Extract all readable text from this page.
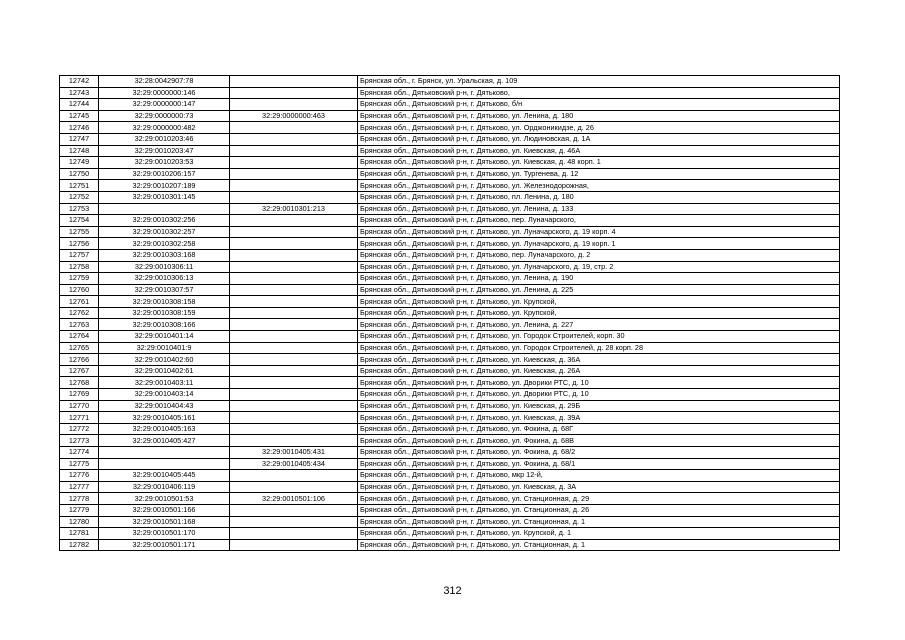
12742	32:28:0042907:78		Брянская обл., г. Брянск, ул. Уральская, д. 109
12743	32:29:0000000:146		Брянская обл., Дятьковский р-н, г. Дятьково,
12744	32:29:0000000:147		Брянская обл., Дятьковский р-н, г. Дятьково, б/н
12745	32:29:0000000:73	32:29:0000000:463	Брянская обл., Дятьковский р-н, г. Дятьково, ул. Ленина, д. 180
12746	32:29:0000000:482		Брянская обл., Дятьковский р-н, г. Дятьково, ул. Орджоникидзе, д. 26
12747	32:29:0010203:46		Брянская обл., Дятьковский р-н, г. Дятьково, ул. Людиновская, д. 1А
12748	32:29:0010203:47		Брянская обл., Дятьковский р-н, г. Дятьково, ул. Киевская, д. 46А
12749	32:29:0010203:53		Брянская обл., Дятьковский р-н, г. Дятьково, ул. Киевская, д. 48 корп. 1
12750	32:29:0010206:157		Брянская обл., Дятьковский р-н, г. Дятьково, ул. Тургенева, д. 12
12751	32:29:0010207:189		Брянская обл., Дятьковский р-н, г. Дятьково, ул. Железнодорожная,
12752	32:29:0010301:145		Брянская обл., Дятьковский р-н, г. Дятьково, пл. Ленина, д. 180
12753		32:29:0010301:213	Брянская обл., Дятьковский р-н, г. Дятьково, ул. Ленина, д. 133
12754	32:29:0010302:256		Брянская обл., Дятьковский р-н, г. Дятьково, пер. Луначарского,
12755	32:29:0010302:257		Брянская обл., Дятьковский р-н, г. Дятьково, ул. Луначарского, д. 19 корп. 4
12756	32:29:0010302:258		Брянская обл., Дятьковский р-н, г. Дятьково, ул. Луначарского, д. 19 корп. 1
12757	32:29:0010303:168		Брянская обл., Дятьковский р-н, г. Дятьково, пер. Луначарского, д. 2
12758	32:29:0010306:11		Брянская обл., Дятьковский р-н, г. Дятьково, ул. Луначарского, д. 19, стр. 2
12759	32:29:0010306:13		Брянская обл., Дятьковский р-н, г. Дятьково, ул. Ленина, д. 190
12760	32:29:0010307:57		Брянская обл., Дятьковский р-н, г. Дятьково, ул. Ленина, д. 225
12761	32:29:0010308:158		Брянская обл., Дятьковский р-н, г. Дятьково, ул. Крупской,
12762	32:29:0010308:159		Брянская обл., Дятьковский р-н, г. Дятьково, ул. Крупской,
12763	32:29:0010308:166		Брянская обл., Дятьковский р-н, г. Дятьково, ул. Ленина, д. 227
12764	32:29:0010401:14		Брянская обл., Дятьковский р-н, г. Дятьково, ул. Городок Строителей, корп. 30
12765	32:29:0010401:9		Брянская обл., Дятьковский р-н, г. Дятьково, ул. Городок Строителей, д. 28 корп. 28
12766	32:29:0010402:60		Брянская обл., Дятьковский р-н, г. Дятьково, ул. Киевская, д. 36А
12767	32:29:0010402:61		Брянская обл., Дятьковский р-н, г. Дятьково, ул. Киевская, д. 26А
12768	32:29:0010403:11		Брянская обл., Дятьковский р-н, г. Дятьково, ул. Дворики РТС, д. 10
12769	32:29:0010403:14		Брянская обл., Дятьковский р-н, г. Дятьково, ул. Дворики РТС, д. 10
12770	32:29:0010404:43		Брянская обл., Дятьковский р-н, г. Дятьково, ул. Киевская, д. 29Б
12771	32:29:0010405:161		Брянская обл., Дятьковский р-н, г. Дятьково, ул. Киевская, д. 39А
12772	32:29:0010405:163		Брянская обл., Дятьковский р-н, г. Дятьково, ул. Фокина, д. 68Г
12773	32:29:0010405:427		Брянская обл., Дятьковский р-н, г. Дятьково, ул. Фокина, д. 68В
12774		32:29:0010405:431	Брянская обл., Дятьковский р-н, г. Дятьково, ул. Фокина, д. 68/2
12775		32:29:0010405:434	Брянская обл., Дятьковский р-н, г. Дятьково, ул. Фокина, д. 68/1
12776	32:29:0010405:445		Брянская обл., Дятьковский р-н, г. Дятьково, мкр 12-й,
12777	32:29:0010406:119		Брянская обл., Дятьковский р-н, г. Дятьково, ул. Киевская, д. 3А
12778	32:29:0010501:53	32:29:0010501:106	Брянская обл., Дятьковский р-н, г. Дятьково, ул. Станционная, д. 29
12779	32:29:0010501:166		Брянская обл., Дятьковский р-н, г. Дятьково, ул. Станционная, д. 26
12780	32:29:0010501:168		Брянская обл., Дятьковский р-н, г. Дятьково, ул. Станционная, д. 1
12781	32:29:0010501:170		Брянская обл., Дятьковский р-н, г. Дятьково, ул. Крупской, д. 1
12782	32:29:0010501:171		Брянская обл., Дятьковский р-н, г. Дятьково, ул. Станционная, д. 1
312
